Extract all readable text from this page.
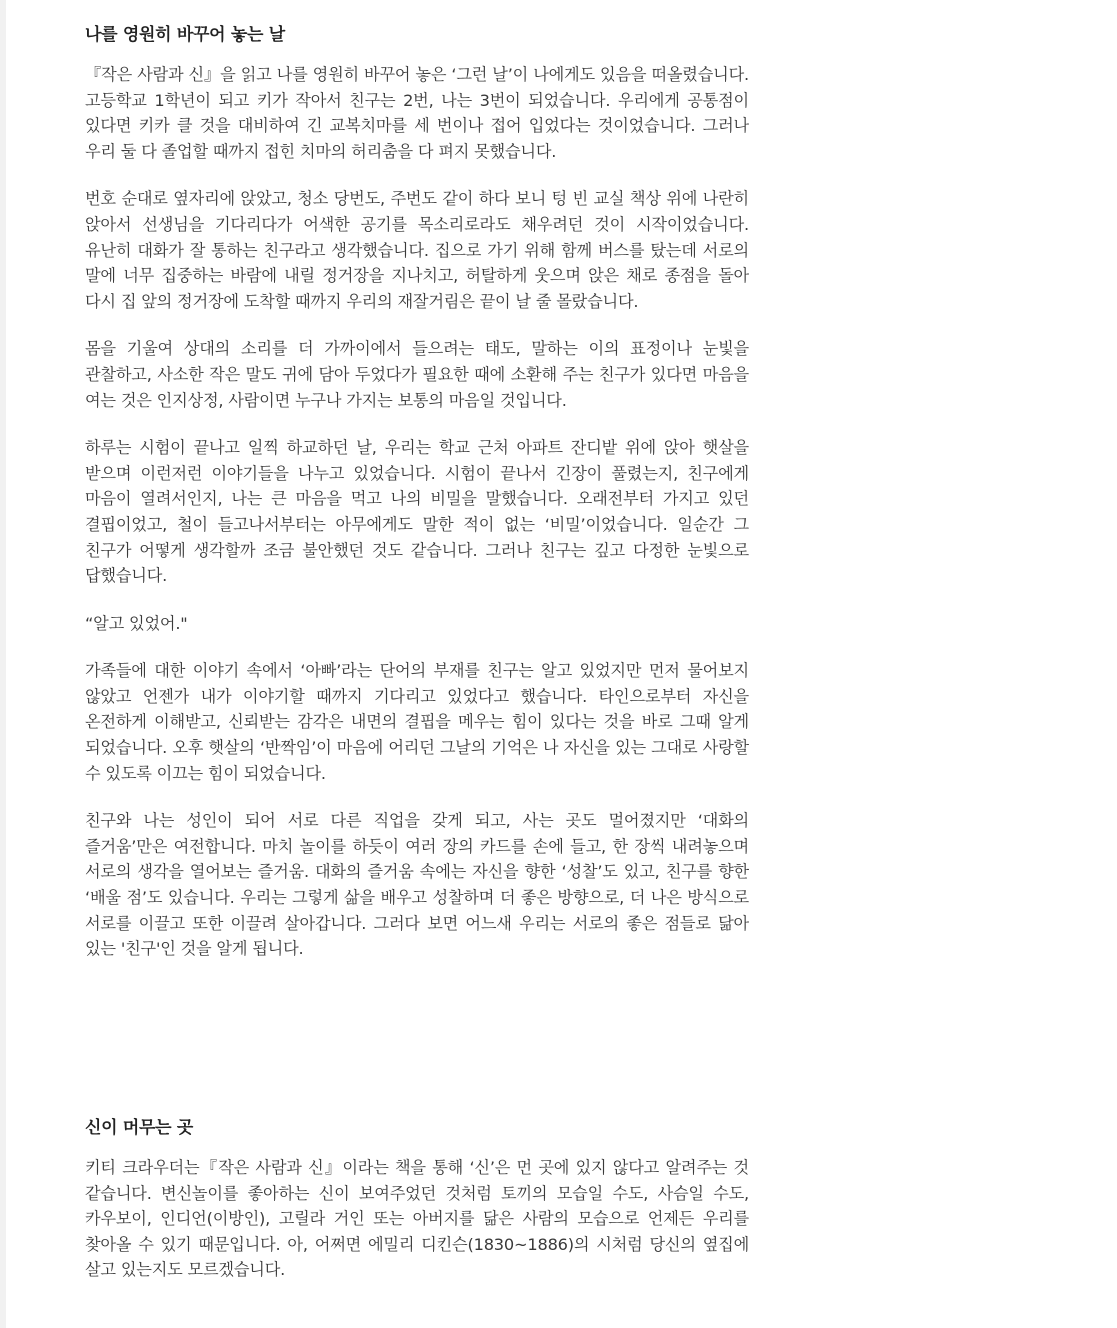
나를 영원히 바꾸어 놓는 날

『작은 사람과 신』을 읽고 나를 영원히 바꾸어 놓은 ‘그런 날’이 나에게도 있음을 떠올렸습니다. 고등학교 1학년이 되고 키가 작아서 친구는 2번, 나는 3번이 되었습니다. 우리에게 공통점이 있다면 키카 클 것을 대비하여 긴 교복치마를 세 번이나 접어 입었다는 것이었습니다. 그러나 우리 둘 다 졸업할 때까지 접힌 치마의 허리춤을 다 펴지 못했습니다.

번호 순대로 옆자리에 앉았고, 청소 당번도, 주번도 같이 하다 보니 텅 빈 교실 책상 위에 나란히 앉아서 선생님을 기다리다가 어색한 공기를 목소리로라도 채우려던 것이 시작이었습니다. 유난히 대화가 잘 통하는 친구라고 생각했습니다. 집으로 가기 위해 함께 버스를 탔는데 서로의 말에 너무 집중하는 바람에 내릴 정거장을 지나치고, 허탈하게 웃으며 앉은 채로 종점을 돌아 다시 집 앞의 정거장에 도착할 때까지 우리의 재잘거림은 끝이 날 줄 몰랐습니다.

몸을 기울여 상대의 소리를 더 가까이에서 들으려는 태도, 말하는 이의 표정이나 눈빛을 관찰하고, 사소한 작은 말도 귀에 담아 두었다가 필요한 때에 소환해 주는 친구가 있다면 마음을 여는 것은 인지상정, 사람이면 누구나 가지는 보통의 마음일 것입니다.

하루는 시험이 끝나고 일찍 하교하던 날, 우리는 학교 근처 아파트 잔디밭 위에 앉아 햇살을 받으며 이런저런 이야기들을 나누고 있었습니다. 시험이 끝나서 긴장이 풀렸는지, 친구에게 마음이 열려서인지, 나는 큰 마음을 먹고 나의 비밀을 말했습니다. 오래전부터 가지고 있던 결핍이었고, 철이 들고나서부터는 아무에게도 말한 적이 없는 ‘비밀’이었습니다. 일순간 그 친구가 어떻게 생각할까 조금 불안했던 것도 같습니다. 그러나 친구는 깊고 다정한 눈빛으로 답했습니다.

“알고 있었어."

가족들에 대한 이야기 속에서 ‘아빠’라는 단어의 부재를 친구는 알고 있었지만 먼저 물어보지 않았고 언젠가 내가 이야기할 때까지 기다리고 있었다고 했습니다. 타인으로부터 자신을 온전하게 이해받고, 신뢰받는 감각은 내면의 결핍을 메우는 힘이 있다는 것을 바로 그때 알게 되었습니다. 오후 햇살의 ‘반짝임’이 마음에 어리던 그날의 기억은 나 자신을 있는 그대로 사랑할 수 있도록 이끄는 힘이 되었습니다.

친구와 나는 성인이 되어 서로 다른 직업을 갖게 되고, 사는 곳도 멀어졌지만 ‘대화의 즐거움’만은 여전합니다. 마치 놀이를 하듯이 여러 장의 카드를 손에 들고, 한 장씩 내려놓으며 서로의 생각을 열어보는 즐거움. 대화의 즐거움 속에는 자신을 향한 ‘성찰’도 있고, 친구를 향한 ‘배울 점’도 있습니다. 우리는 그렇게 삶을 배우고 성찰하며 더 좋은 방향으로, 더 나은 방식으로 서로를 이끌고 또한 이끌려 살아갑니다. 그러다 보면 어느새 우리는 서로의 좋은 점들로 닮아 있는 '친구'인 것을 알게 됩니다.

신이 머무는 곳

키티 크라우더는『작은 사람과 신』이라는 책을 통해 ‘신’은 먼 곳에 있지 않다고 알려주는 것 같습니다. 변신놀이를 좋아하는 신이 보여주었던 것처럼 토끼의 모습일 수도, 사슴일 수도, 카우보이, 인디언(이방인), 고릴라 거인 또는 아버지를 닮은 사람의 모습으로 언제든 우리를 찾아올 수 있기 때문입니다. 아, 어쩌면 에밀리 디킨슨(1830~1886)의 시처럼 당신의 옆집에 살고 있는지도 모르겠습니다.
